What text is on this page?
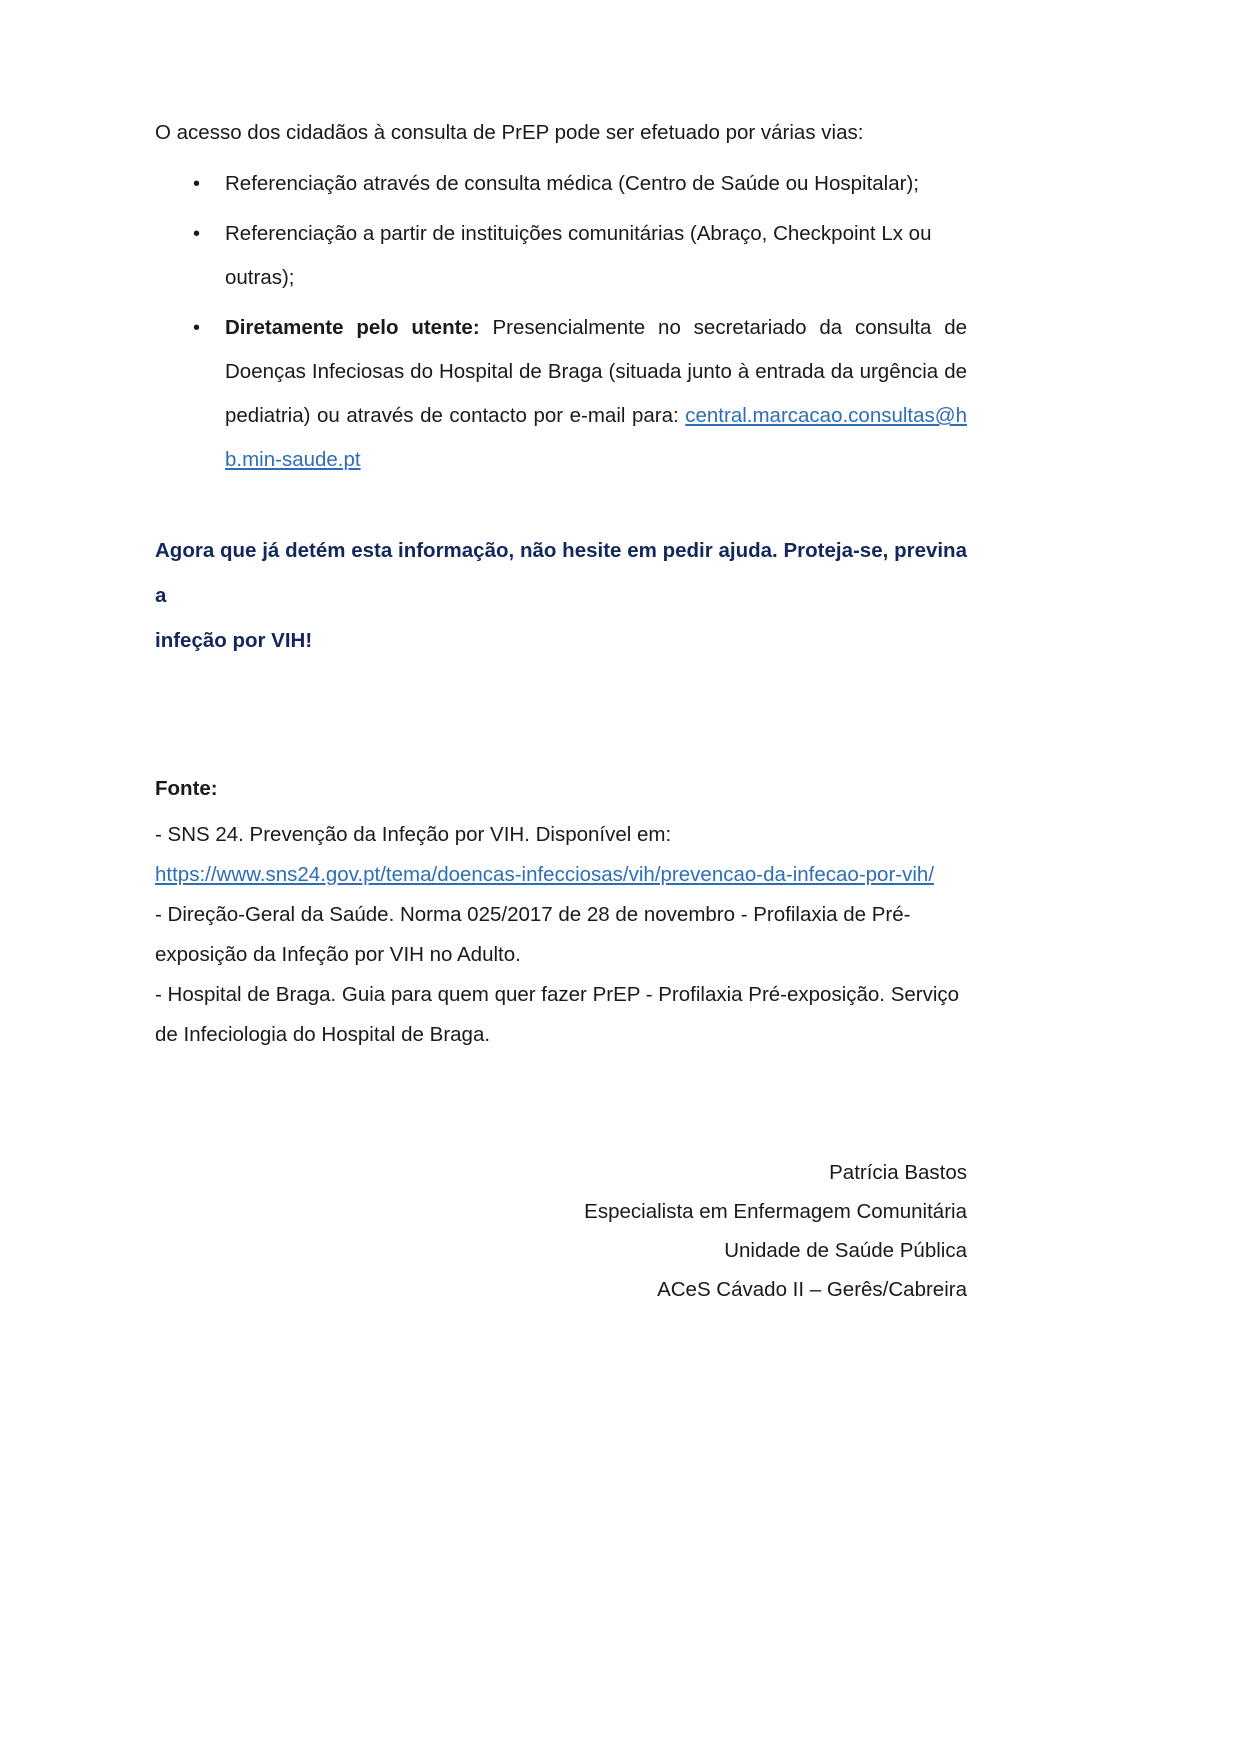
O acesso dos cidadãos à consulta de PrEP pode ser efetuado por várias vias:

• Referenciação através de consulta médica (Centro de Saúde ou Hospitalar);
• Referenciação a partir de instituições comunitárias (Abraço, Checkpoint Lx ou outras);
• Diretamente pelo utente: Presencialmente no secretariado da consulta de Doenças Infeciosas do Hospital de Braga (situada junto à entrada da urgência de pediatria) ou através de contacto por e-mail para: central.marcacao.consultas@hb.min-saude.pt
Agora que já detém esta informação, não hesite em pedir ajuda. Proteja-se, previna a
infeção por VIH!

Fonte:

- SNS 24. Prevenção da Infeção por VIH. Disponível em:

https://www.sns24.gov.pt/tema/doencas-infecciosas/vih/prevencao-da-infecao-por-vih/

- Direção-Geral da Saúde. Norma 025/2017 de 28 de novembro - Profilaxia de Pré-exposição da Infeção por VIH no Adulto.

- Hospital de Braga. Guia para quem quer fazer PrEP - Profilaxia Pré-exposição. Serviço de Infeciologia do Hospital de Braga.

Patrícia Bastos

Especialista em Enfermagem Comunitária

Unidade de Saúde Pública

ACeS Cávado II – Gerês/Cabreira
